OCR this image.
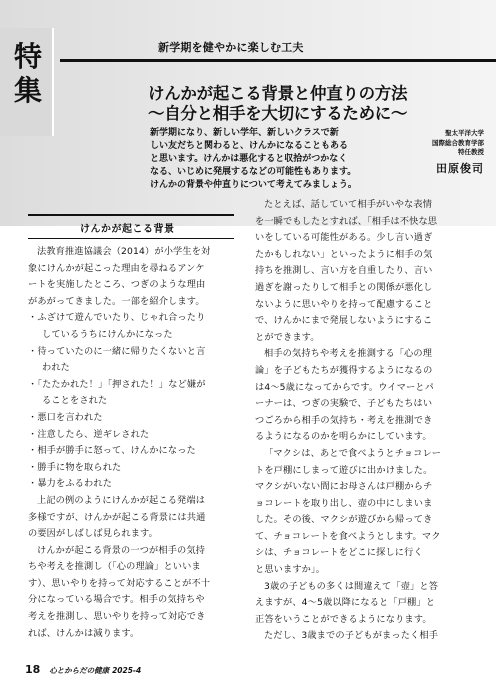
特集
新学期を健やかに楽しむ工夫
けんかが起こる背景と仲直りの方法
〜自分と相手を大切にするために〜
新学期になり、新しい学年、新しいクラスで新
しい友だちと関わると、けんかになることもある
と思います。けんかは悪化すると収拾がつかなく
なる、いじめに発展するなどの可能性もあります。
けんかの背景や仲直りについて考えてみましょう。
聖太平洋大学
国際総合教育学部
特任教授
田原俊司
けんかが起こる背景
法教育推進協議会（2014）が小学生を対
象にけんかが起こった理由を尋ねるアンケ
ートを実施したところ、つぎのような理由
があがってきました。一部を紹介します。
・ふざけて遊んでいたり、じゃれ合ったり
しているうちにけんかになった
・待っていたのに一緒に帰りたくないと言
われた
・「たたかれた！」「押された！」など嫌が
ることをされた
・悪口を言われた
・注意したら、逆ギレされた
・相手が勝手に怒って、けんかになった
・勝手に物を取られた
・暴力をふるわれた
上記の例のようにけんかが起こる発端は
多様ですが、けんかが起こる背景には共通
の要因がしばしば見られます。
けんかが起こる背景の一つが相手の気持
ちや考えを推測し（「心の理論」といいま
す）、思いやりを持って対応することが不十
分になっている場合です。相手の気持ちや
考えを推測し、思いやりを持って対応でき
れば、けんかは減ります。
たとえば、話していて相手がいやな表情
を一瞬でもしたとすれば、「相手は不快な思
いをしている可能性がある。少し言い過ぎ
たかもしれない」といったように相手の気
持ちを推測し、言い方を自重したり、言い
過ぎを謝ったりして相手との関係が悪化し
ないように思いやりを持って配慮すること
で、けんかにまで発展しないようにするこ
とができます。
相手の気持ちや考えを推測する「心の理
論」を子どもたちが獲得するようになるの
は4〜5歳になってからです。ウイマーとパ
ーナーは、つぎの実験で、子どもたちはい
つごろから相手の気持ち・考えを推測でき
るようになるのかを明らかにしています。
「マクシは、あとで食べようとチョコレー
トを戸棚にしまって遊びに出かけました。
マクシがいない間にお母さんは戸棚からチ
ョコレートを取り出し、壺の中にしまいま
した。その後、マクシが遊びから帰ってき
て、チョコレートを食べようとします。マク
シは、チョコレートをどこに探しに行く
と思いますか」。
3歳の子どもの多くは間違えて「壺」と答
えますが、4〜5歳以降になると「戸棚」と
正答をいうことができるようになります。
ただし、3歳までの子どもがまったく相手
18 心とからだの健康 2025-4
